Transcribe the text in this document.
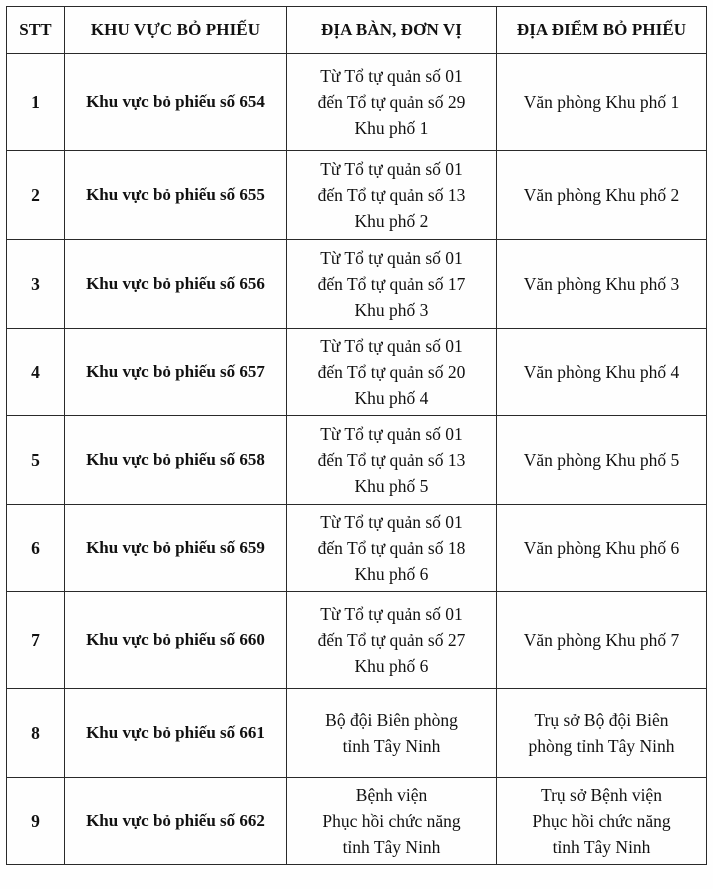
STT	KHU VỰC BỎ PHIẾU	ĐỊA BÀN, ĐƠN VỊ	ĐỊA ĐIỂM BỎ PHIẾU
1	Khu vực bỏ phiếu số 654	Từ Tổ tự quản số 01
đến Tổ tự quản số 29
Khu phố 1	Văn phòng Khu phố 1

2	Khu vực bỏ phiếu số 655	Từ Tổ tự quản số 01
đến Tổ tự quản số 13
Khu phố 2	Văn phòng Khu phố 2

3	Khu vực bỏ phiếu số 656	Từ Tổ tự quản số 01
đến Tổ tự quản số 17
Khu phố 3	Văn phòng Khu phố 3

4	Khu vực bỏ phiếu số 657	Từ Tổ tự quản số 01
đến Tổ tự quản số 20
Khu phố 4	Văn phòng Khu phố 4

5	Khu vực bỏ phiếu số 658	Từ Tổ tự quản số 01
đến Tổ tự quản số 13
Khu phố 5	Văn phòng Khu phố 5

6	Khu vực bỏ phiếu số 659	Từ Tổ tự quản số 01
đến Tổ tự quản số 18
Khu phố 6	Văn phòng Khu phố 6

7	Khu vực bỏ phiếu số 660	Từ Tổ tự quản số 01
đến Tổ tự quản số 27
Khu phố 6	Văn phòng Khu phố 7

8	Khu vực bỏ phiếu số 661	Bộ đội Biên phòng
tỉnh Tây Ninh	Trụ sở Bộ đội Biên
phòng tỉnh Tây Ninh

9	Khu vực bỏ phiếu số 662	Bệnh viện
Phục hồi chức năng
tỉnh Tây Ninh	Trụ sở Bệnh viện
Phục hồi chức năng
tỉnh Tây Ninh
